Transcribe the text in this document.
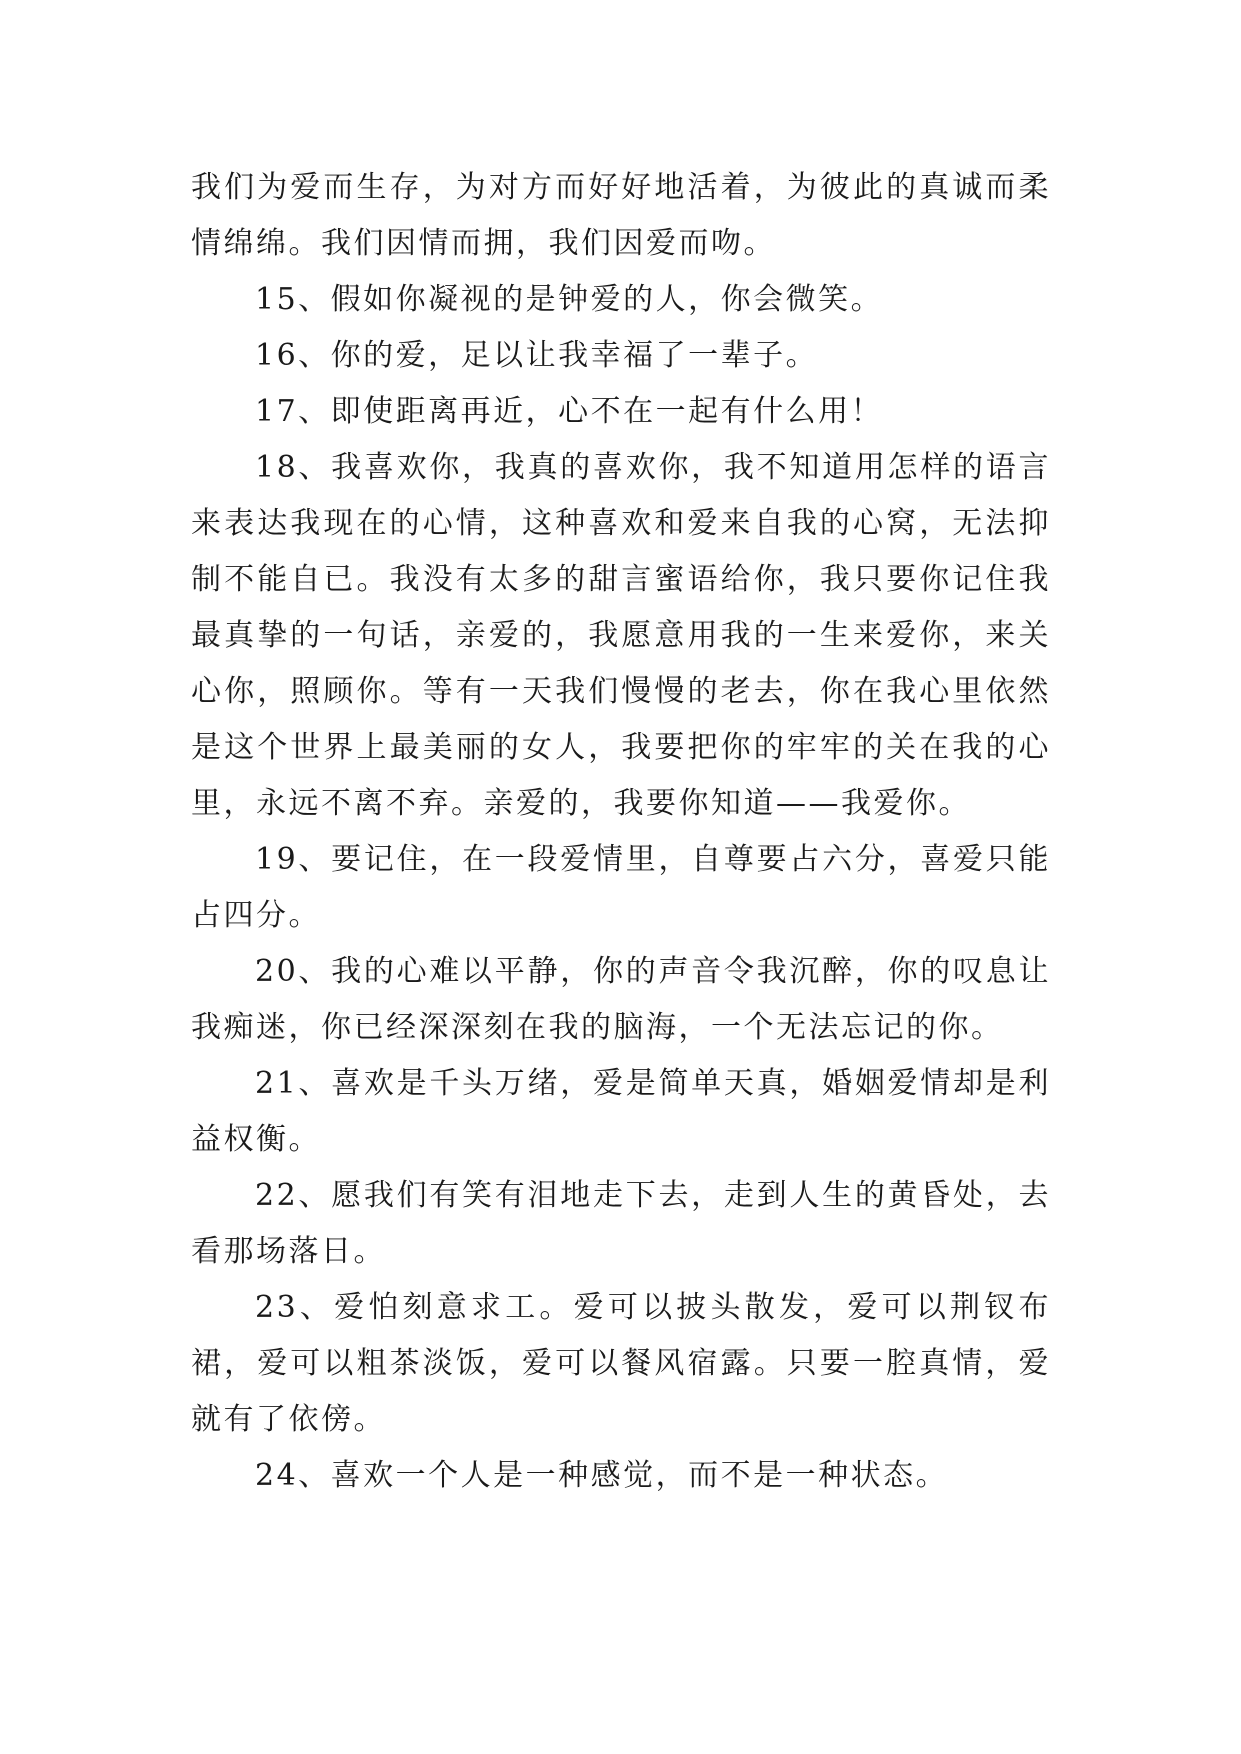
我们为爱而生存，为对方而好好地活着，为彼此的真诚而柔情绵绵。我们因情而拥，我们因爱而吻。

15、假如你凝视的是钟爱的人，你会微笑。

16、你的爱，足以让我幸福了一辈子。

17、即使距离再近，心不在一起有什么用！

18、我喜欢你，我真的喜欢你，我不知道用怎样的语言来表达我现在的心情，这种喜欢和爱来自我的心窝，无法抑制不能自已。我没有太多的甜言蜜语给你，我只要你记住我最真挚的一句话，亲爱的，我愿意用我的一生来爱你，来关心你，照顾你。等有一天我们慢慢的老去，你在我心里依然是这个世界上最美丽的女人，我要把你的牢牢的关在我的心里，永远不离不弃。亲爱的，我要你知道——我爱你。

19、要记住，在一段爱情里，自尊要占六分，喜爱只能占四分。

20、我的心难以平静，你的声音令我沉醉，你的叹息让我痴迷，你已经深深刻在我的脑海，一个无法忘记的你。

21、喜欢是千头万绪，爱是简单天真，婚姻爱情却是利益权衡。

22、愿我们有笑有泪地走下去，走到人生的黄昏处，去看那场落日。

23、爱怕刻意求工。爱可以披头散发，爱可以荆钗布裙，爱可以粗茶淡饭，爱可以餐风宿露。只要一腔真情，爱就有了依傍。

24、喜欢一个人是一种感觉，而不是一种状态。
